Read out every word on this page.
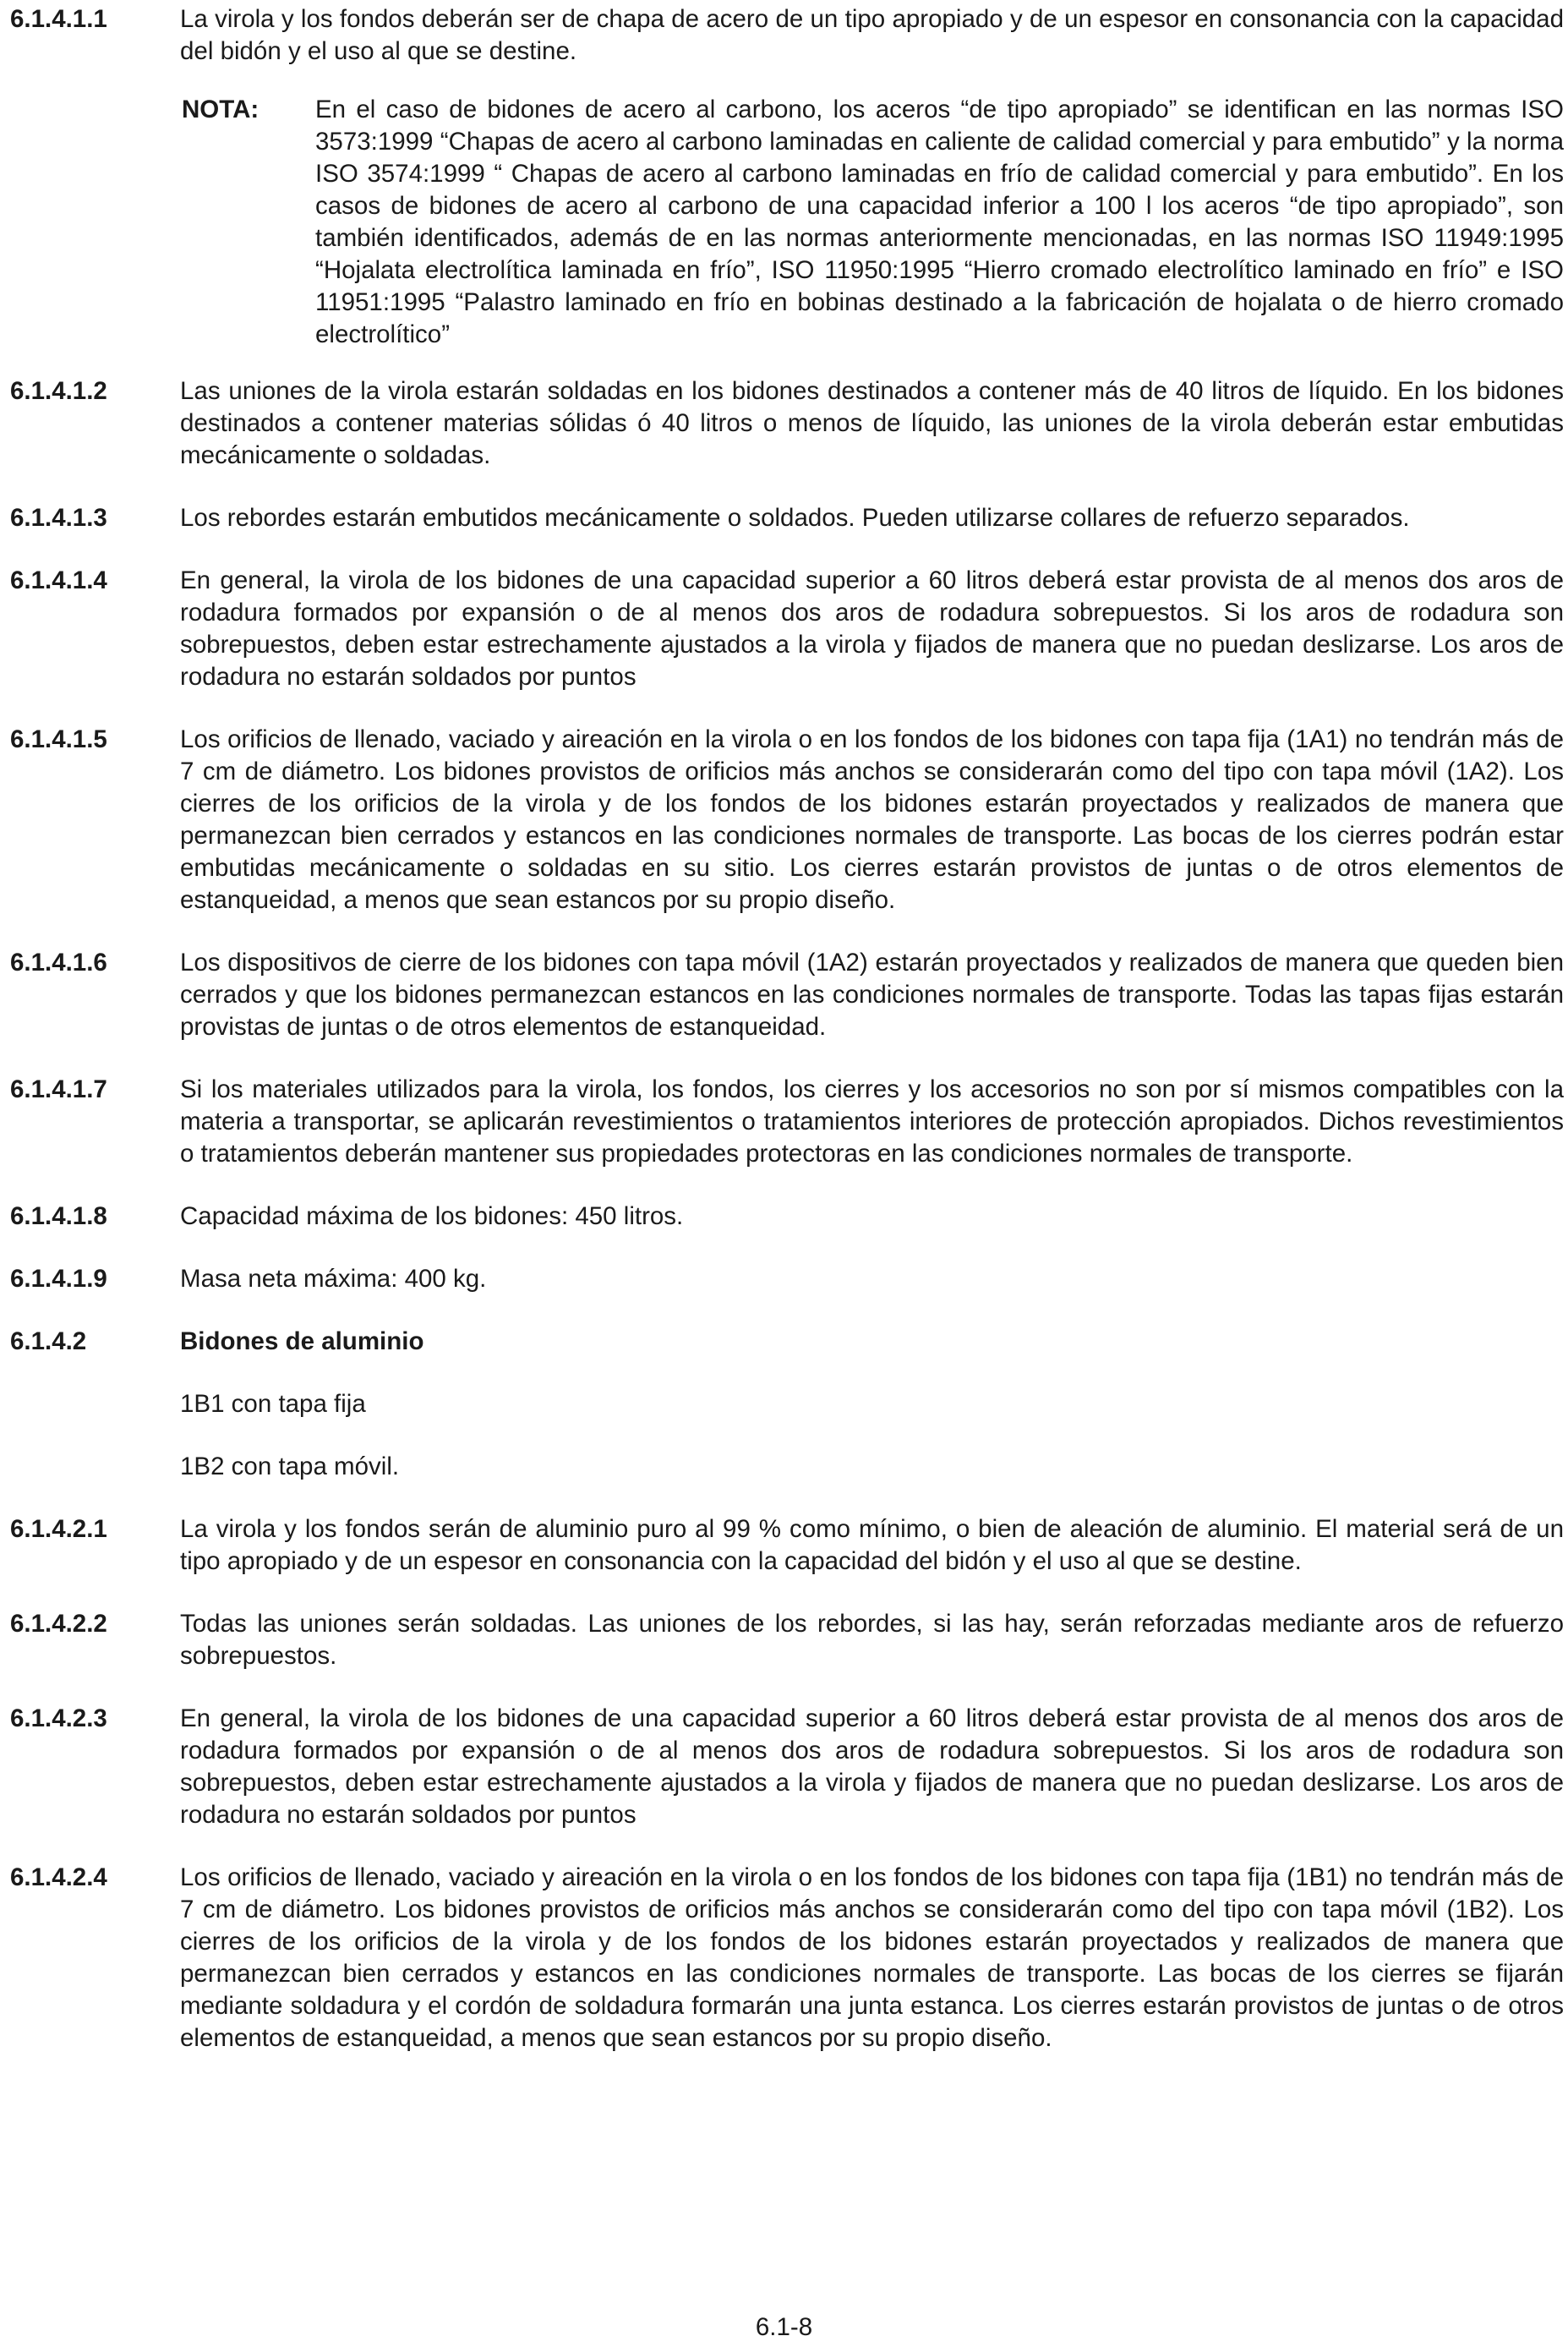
6.1.4.1.1	La virola y los fondos deberán ser de chapa de acero de un tipo apropiado y de un espesor en consonancia con la capacidad del bidón y el uso al que se destine.
NOTA:	En el caso de bidones de acero al carbono, los aceros “de tipo apropiado” se identifican en las normas ISO 3573:1999 “Chapas de acero al carbono laminadas en caliente de calidad comercial y para embutido” y la norma ISO 3574:1999 “ Chapas de acero al carbono laminadas en frío de calidad comercial y para embutido”. En los casos de bidones de acero al carbono de una capacidad inferior a 100 l los aceros “de tipo apropiado”, son también identificados, además de en las normas anteriormente mencionadas, en las normas ISO 11949:1995 “Hojalata electrolítica laminada en frío”, ISO 11950:1995 “Hierro cromado electrolítico laminado en frío” e ISO 11951:1995 “Palastro laminado en frío en bobinas destinado a la fabricación de hojalata o de hierro cromado electrolítico”
6.1.4.1.2	Las uniones de la virola estarán soldadas en los bidones destinados a contener más de 40 litros de líquido. En los bidones destinados a contener materias sólidas ó 40 litros o menos de líquido, las uniones de la virola deberán estar embutidas mecánicamente o soldadas.
6.1.4.1.3	Los rebordes estarán embutidos mecánicamente o soldados. Pueden utilizarse collares de refuerzo separados.
6.1.4.1.4	En general, la virola de los bidones de una capacidad superior a 60 litros deberá estar provista de al menos dos aros de rodadura formados por expansión o de al menos dos aros de rodadura sobrepuestos. Si los aros de rodadura son sobrepuestos, deben estar estrechamente ajustados a la virola y fijados de manera que no puedan deslizarse. Los aros de rodadura no estarán soldados por puntos
6.1.4.1.5	Los orificios de llenado, vaciado y aireación en la virola o en los fondos de los bidones con tapa fija (1A1) no tendrán más de 7 cm de diámetro. Los bidones provistos de orificios más anchos se considerarán como del tipo con tapa móvil (1A2). Los cierres de los orificios de la virola y de los fondos de los bidones estarán proyectados y realizados de manera que permanezcan bien cerrados y estancos en las condiciones normales de transporte. Las bocas de los cierres podrán estar embutidas mecánicamente o soldadas en su sitio. Los cierres estarán provistos de juntas o de otros elementos de estanqueidad, a menos que sean estancos por su propio diseño.
6.1.4.1.6	Los dispositivos de cierre de los bidones con tapa móvil (1A2) estarán proyectados y realizados de manera que queden bien cerrados y que los bidones permanezcan estancos en las condiciones normales de transporte. Todas las tapas fijas estarán provistas de juntas o de otros elementos de estanqueidad.
6.1.4.1.7	Si los materiales utilizados para la virola, los fondos, los cierres y los accesorios no son por sí mismos compatibles con la materia a transportar, se aplicarán revestimientos o tratamientos interiores de protección apropiados. Dichos revestimientos o tratamientos deberán mantener sus propiedades protectoras en las condiciones normales de transporte.
6.1.4.1.8	Capacidad máxima de los bidones: 450 litros.
6.1.4.1.9	Masa neta máxima: 400 kg.
6.1.4.2	Bidones de aluminio
1B1 con tapa fija
1B2 con tapa móvil.
6.1.4.2.1	La virola y los fondos serán de aluminio puro al 99 % como mínimo, o bien de aleación de aluminio. El material será de un tipo apropiado y de un espesor en consonancia con la capacidad del bidón y el uso al que se destine.
6.1.4.2.2	Todas las uniones serán soldadas. Las uniones de los rebordes, si las hay, serán reforzadas mediante aros de refuerzo sobrepuestos.
6.1.4.2.3	En general, la virola de los bidones de una capacidad superior a 60 litros deberá estar provista de al menos dos aros de rodadura formados por expansión o de al menos dos aros de rodadura sobrepuestos. Si los aros de rodadura son sobrepuestos, deben estar estrechamente ajustados a la virola y fijados de manera que no puedan deslizarse. Los aros de rodadura no estarán soldados por puntos
6.1.4.2.4	Los orificios de llenado, vaciado y aireación en la virola o en los fondos de los bidones con tapa fija (1B1) no tendrán más de 7 cm de diámetro. Los bidones provistos de orificios más anchos se considerarán como del tipo con tapa móvil (1B2). Los cierres de los orificios de la virola y de los fondos de los bidones estarán proyectados y realizados de manera que permanezcan bien cerrados y estancos en las condiciones normales de transporte. Las bocas de los cierres se fijarán mediante soldadura y el cordón de soldadura formarán una junta estanca. Los cierres estarán provistos de juntas o de otros elementos de estanqueidad, a menos que sean estancos por su propio diseño.
6.1-8
